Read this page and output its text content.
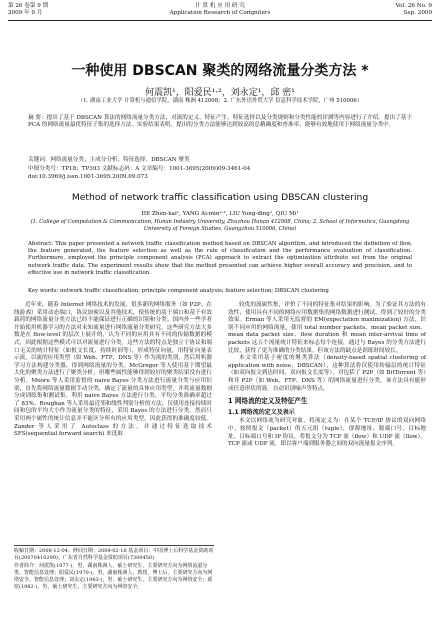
第 26 卷第 9 期
2009 年 9 月
计 算 机 应 用 研 究
Application Research of Computers
Vol. 26 No. 9
Sep. 2009
一种使用 DBSCAN 聚类的网络流量分类方法 *
何震凯¹，阳爱民¹·²，刘永定¹，邱 密¹
（1. 湖南工业大学 计算机与通信学院，湖南 株洲 412008；2. 广东外语外贸大学 信息科学技术学院，广州 510006）
摘 要：提出了基于 DBSCAN 算法的网络流量分类方法，对流的定义、特征产生、特征选择以及分类规则和分类性能的评测等内容进行了介绍。提出了基于 PCA 的网络流量最优特征子集的选择方法。实验结果表明，提出的分类方法能够达到较高的总精确度和查准率，能够有效地使用于网络流量分类中。
关键词：网络流量分类；主成分分析；特征选择；DBSCAN 聚类
中图分类号：TP18；TP393 文献标志码：A 文章编号：1001-3695(2009)09-3461-04
doi:10.3969/j.issn.1001-3695.2009.09.073
Method of network traffic classification using DBSCAN clustering
HE Zhen-kai¹, YANG Ai-min¹·², LIU Yong-ding¹, QIU Mi¹
(1. College of Computation & Communication, Hunan Industry University, Zhuzhou Hunan 412008, China; 2. School of Informatics, Guangdong University of Foreign Studies, Guangzhou 510006, China)
Abstract: This paper presented a network traffic classification method based on DBSCAN algorithm, and introduced the definition of flow, the feature generated, the feature selection as well as the rule of classification and the performance evaluation of classification. Furthermore, employed the principle component analysis (PCA) approach to extract the optimization attribute set from the original network traffic data. The experiment results show that the method presented can achieve higher overall accuracy and precision, and to effective use in network traffic classification.
Key words: network traffic classification; principle component analysis; feature selection; DBSCAN clustering

近年来，随着 Internet 网络技术的发展，很多新的网络服务（如 P2P、在线游戏）采用动态端口，协议加密以及其他技术，使传统的基于端口和基于有效载荷的网络流量分类方法已经不能保证进行正确的识别和分类。国内外一些学者开始使用机器学习的方法对未知流量进行网络流量分类研究。这些研究方法大多数是在 flow-level 的层次上展开的，认为不同的应用具有不同的传输数据的模式，因此根据这些模式可以对流量进行分类。这些方法的特点是独立于协议和端口无关的统计特征（如报文长度、持续时间等），形成特征向量，用特征向量表示流，以流的应用类型（如 Web、FTP、DNS 等）作为流的类别，然后用机器学习方法构建分类器，得到网络流量的分类。McGregor 等人使用基于期望最大化的聚类方法进行了聚类分析，但哪些属性能够得到较好的聚类结果没有进行分析。Moore 等人采用监督的 naive Bayes 分类方法进行流量分类与应用识别，首先将网络流量数据手动分类，确定了流量的具体应用类型，并将流量数据分成训练集和测试集。利用 naive Bayes 方法进行分类，平均分类准确率超过了 83%。Roughan 等人采用最近邻和线性判别分析的方法，仅使用连接持续时间和包的平均大小作为流量分类的特征，采用 Bayes 的方法进行分类，然而只采用两个属性的统计信息并不能区分所有的应用类型，因此获得的准确度较低。Zander 等人采用了 Autoclass 的方法，并通过特征选取技术 SFS(sequential forward search) 来选取

较优的流属性集，评价了不同的特征集对结果的影响。为了验证其方法的有效性，使用具有不同的网络应用数据集的网络数据进行测试，得到了较好的分类效果。Erman 等人采用无监督的 EM(expectation maximization) 方法，识别不同应用的网络流量，使用 total number packets、mean packet size、mean data packet size、flow duration 和 mean inter-arrival time of packets 这五个流量统计特征来标志每个连接，通过与 Bayes 的分类方法进行比较，获得了更为准确的分类结果。但该方法的缺点是训练时间较长。

本文采用基于密度的聚类算法（density-based spatial clustering of application with noise，DBSCAN），这种算法将仅使用传输层的统计特征（如双向报文到达时间、双向报文长度等），对包括了 P2P（如 BitTorrent 等）和非 P2P（如 Web、FTP、DNS 等）的网络流量进行分类。该方法具有能形成任意形状的簇，自动识别噪声等特点。

1 网络流的定义及特征产生
1.1 网络流的定义及表示

本文以网络流为研究对象，将流定义为：在某个 TCP/IP 协议的双向网络中，按照报文（packet）的五元组（tuple），即源地址、源端口号、目标地址、目标端口号和 IP 协议，将报文分为 TCP 流（flow）和 UDP 流（flow）。TCP 流或 UDP 流，即以客户端到服务器之间的双向流量报文序列。

收稿日期：2008-12-04；修回日期：2009-02-16 基金项目：中国博士后科学基金资助项目(20070410299)；广东省自然科学基金资助项目(7300450)
作者简介：何震凯(1977-)，男，湖南株洲人，硕士研究生，主要研究方向为网络流量分类、智能信息处理；阳爱民(1970-)，男，湖南株洲人，教授，博士后，主要研究方向为网络安全、智能信息处理；刘永定(1983-)，男，硕士研究生，主要研究方向为网络安全；邱密(1982-)，男，硕士研究生，主要研究方向为网络安全。
